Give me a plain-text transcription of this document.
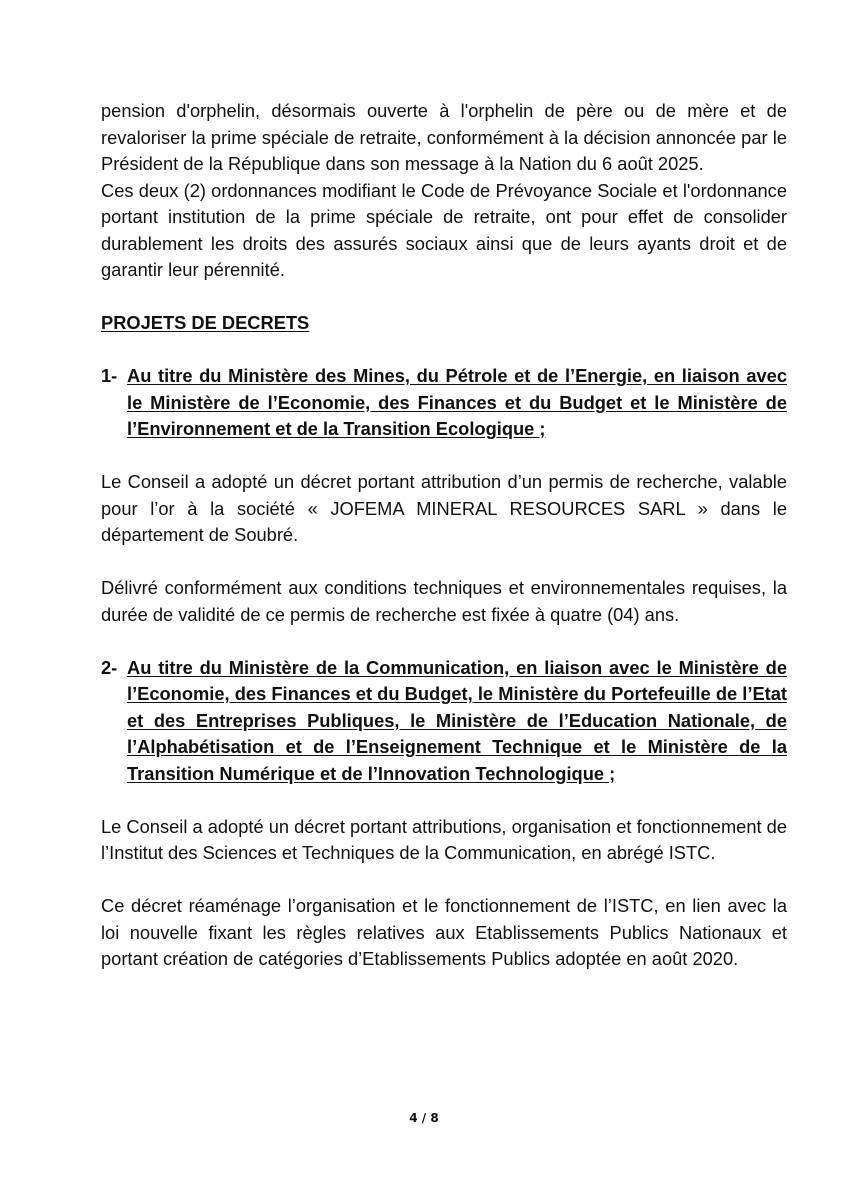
pension d'orphelin, désormais ouverte à l'orphelin de père ou de mère et de revaloriser la prime spéciale de retraite, conformément à la décision annoncée par le Président de la République dans son message à la Nation du 6 août 2025.

Ces deux (2) ordonnances modifiant le Code de Prévoyance Sociale et l'ordonnance portant institution de la prime spéciale de retraite, ont pour effet de consolider durablement les droits des assurés sociaux ainsi que de leurs ayants droit et de garantir leur pérennité.

PROJETS DE DECRETS

1- Au titre du Ministère des Mines, du Pétrole et de l’Energie, en liaison avec le Ministère de l’Economie, des Finances et du Budget et le Ministère de l’Environnement et de la Transition Ecologique ;

Le Conseil a adopté un décret portant attribution d’un permis de recherche, valable pour l’or à la société « JOFEMA MINERAL RESOURCES SARL » dans le département de Soubré.

Délivré conformément aux conditions techniques et environnementales requises, la durée de validité de ce permis de recherche est fixée à quatre (04) ans.

2- Au titre du Ministère de la Communication, en liaison avec le Ministère de l’Economie, des Finances et du Budget, le Ministère du Portefeuille de l’Etat et des Entreprises Publiques, le Ministère de l’Education Nationale, de l’Alphabétisation et de l’Enseignement Technique et le Ministère de la Transition Numérique et de l’Innovation Technologique ;

Le Conseil a adopté un décret portant attributions, organisation et fonctionnement de l’Institut des Sciences et Techniques de la Communication, en abrégé ISTC.

Ce décret réaménage l’organisation et le fonctionnement de l’ISTC, en lien avec la loi nouvelle fixant les règles relatives aux Etablissements Publics Nationaux et portant création de catégories d’Etablissements Publics adoptée en août 2020.

4 / 8
